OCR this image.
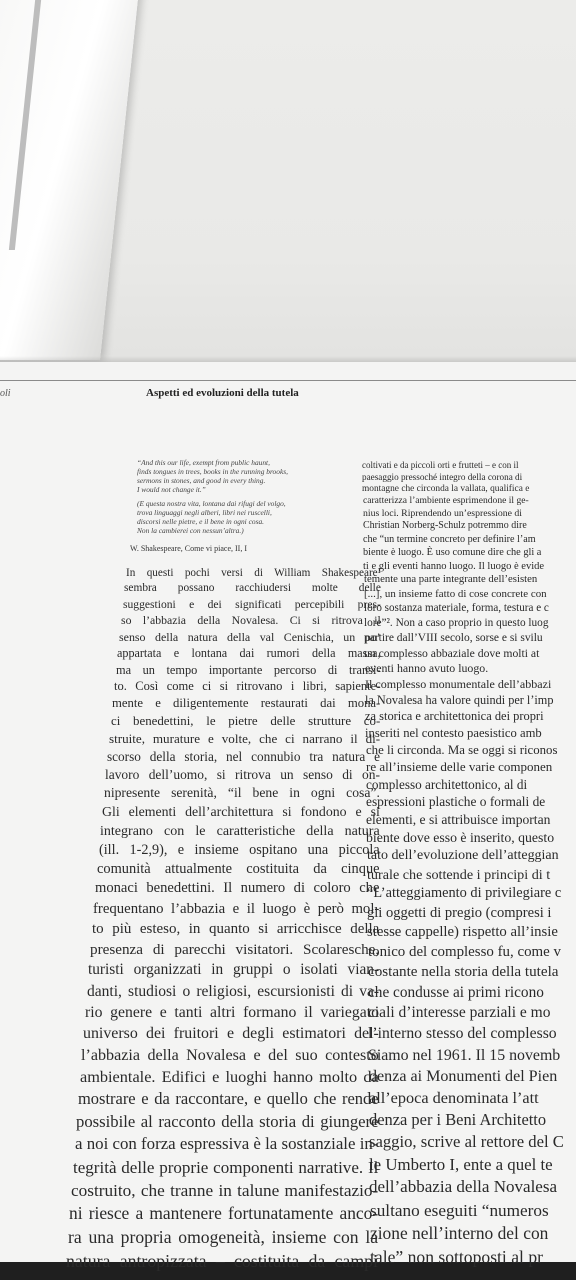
oli	Aspetti ed evoluzioni della tutela
“And this our life, exempt from public haunt,
finds tongues in trees, books in the running brooks,
sermons in stones, and good in every thing.
I would not change it.”
(E questa nostra vita, lontana dai rifugi del volgo,
trova linguaggi negli alberi, libri nei ruscelli,
discorsi nelle pietre, e il bene in ogni cosa.
Non la cambierei con nessun’altra.)
W. Shakespeare, Come vi piace, II, I
In questi pochi versi di William Shakespeare¹
sembra possano racchiudersi molte delle
suggestioni e dei significati percepibili pres-
so l’abbazia della Novalesa. Ci si ritrova il
senso della natura della val Cenischia, un po’
appartata e lontana dai rumori della massa,
ma un tempo importante percorso di transi-
to. Così come ci si ritrovano i libri, sapiente-
mente e diligentemente restaurati dai mona-
ci benedettini, le pietre delle strutture co-
struite, murature e volte, che ci narrano il di-
scorso della storia, nel connubio tra natura e
lavoro dell’uomo, si ritrova un senso di on-
nipresente serenità, “il bene in ogni cosa”.
Gli elementi dell’architettura si fondono e si
integrano con le caratteristiche della natura
(ill. 1-2,9), e insieme ospitano una piccola
comunità attualmente costituita da cinque
monaci benedettini. Il numero di coloro che
frequentano l’abbazia e il luogo è però mol-
to più esteso, in quanto si arricchisce della
presenza di parecchi visitatori. Scolaresche,
turisti organizzati in gruppi o isolati vian-
danti, studiosi o religiosi, escursionisti di va-
rio genere e tanti altri formano il variegato
universo dei fruitori e degli estimatori del-
l’abbazia della Novalesa e del suo contesto
ambientale. Edifici e luoghi hanno molto da
mostrare e da raccontare, e quello che rende
possibile al racconto della storia di giungere
a noi con forza espressiva è la sostanziale in-
tegrità delle proprie componenti narrative. Il
costruito, che tranne in talune manifestazio-
ni riesce a mantenere fortunatamente anco-
ra una propria omogeneità, insieme con la
natura antropizzata – costituita da campi
coltivati e da piccoli orti e frutteti – e con il
paesaggio pressoché integro della corona di
montagne che circonda la vallata, qualifica e
caratterizza l’ambiente esprimendone il ge-
nius loci. Riprendendo un’espressione di
Christian Norberg-Schulz potremmo dire
che “un termine concreto per definire l’am
biente è luogo. È uso comune dire che gli a
ti e gli eventi hanno luogo. Il luogo è evide
temente una parte integrante dell’esisten
[...], un insieme fatto di cose concrete con
loro sostanza materiale, forma, testura e c
lore”². Non a caso proprio in questo luog
partire dall’VIII secolo, sorse e si svilu
un complesso abbaziale dove molti at
eventi hanno avuto luogo.
Il complesso monumentale dell’abbazi
la Novalesa ha valore quindi per l’imp
za storica e architettonica dei propri
inseriti nel contesto paesistico amb
che li circonda. Ma se oggi si riconos
re all’insieme delle varie componen
complesso architettonico, al di
espressioni plastiche o formali de
elementi, e si attribuisce importan
biente dove esso è inserito, questo
tato dell’evoluzione dell’atteggian
turale che sottende i principi di t
“L’atteggiamento di privilegiare c
gli oggetti di pregio (compresi i
stesse cappelle) rispetto all’insie
tonico del complesso fu, come v
costante nella storia della tutela
che condusse ai primi ricono
ciali d’interesse parziali e mo
l’interno stesso del complesso
Siamo nel 1961. Il 15 novemb
denza ai Monumenti del Pien
all’epoca denominata l’att
denza per i Beni Architetto
saggio, scrive al rettore del C
le Umberto I, ente a quel te
dell’abbazia della Novalesa
sultano eseguiti “numeros
zione nell’interno del con
tale” non sottoposti al pr
